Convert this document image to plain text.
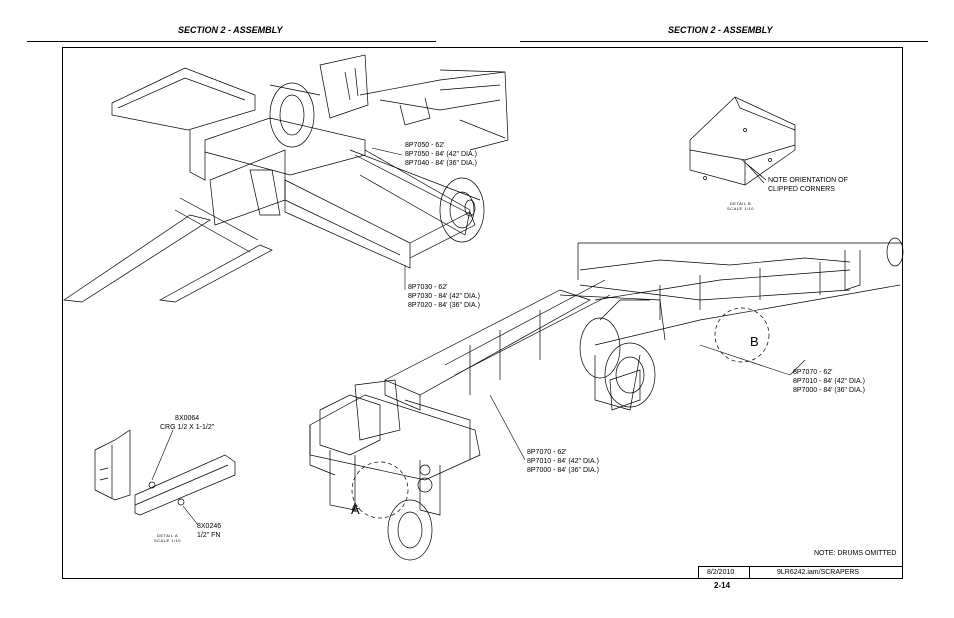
SECTION 2 - ASSEMBLY	SECTION 2 - ASSEMBLY
8P7050 - 62'
8P7050 - 84' (42" DIA.)
8P7040 - 84' (36" DIA.)
8P7030 - 62'
8P7030 - 84' (42" DIA.)
8P7020 - 84' (36" DIA.)
8P7070 - 62'
8P7010 - 84' (42" DIA.)
8P7000 - 84' (36" DIA.)
8P7070 - 62'
8P7010 - 84' (42" DIA.)
8P7000 - 84' (36" DIA.)
8X0064
CRG 1/2 X 1-1/2"
8X0246
1/2" FN
NOTE ORIENTATION OF
CLIPPED CORNERS
DETAIL B
SCALE 1/10
DETAIL A
SCALE 1/10
A
B
NOTE: DRUMS OMITTED
8/2/2010	9LR6242.iam/SCRAPERS
2-14
